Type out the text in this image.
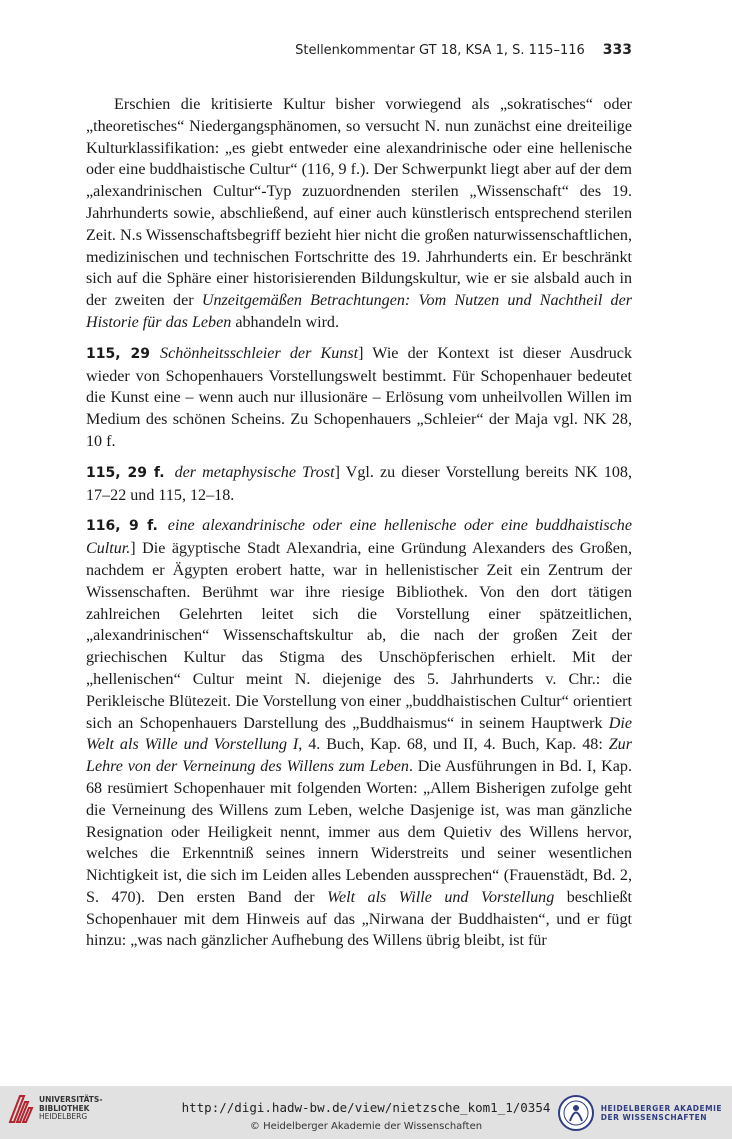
Stellenkommentar GT 18, KSA 1, S. 115–116 333

Erschien die kritisierte Kultur bisher vorwiegend als „sokratisches“ oder „theoretisches“ Niedergangsphänomen, so versucht N. nun zunächst eine dreiteilige Kulturklassifikation: „es giebt entweder eine alexandrinische oder eine hellenische oder eine buddhaistische Cultur“ (116, 9 f.). Der Schwerpunkt liegt aber auf der dem „alexandrinischen Cultur“-Typ zuzuordnenden sterilen „Wissenschaft“ des 19. Jahrhunderts sowie, abschließend, auf einer auch künstlerisch entsprechend sterilen Zeit. N.s Wissenschaftsbegriff bezieht hier nicht die großen naturwissenschaftlichen, medizinischen und technischen Fortschritte des 19. Jahrhunderts ein. Er beschränkt sich auf die Sphäre einer historisierenden Bildungskultur, wie er sie alsbald auch in der zweiten der Unzeitgemäßen Betrachtungen: Vom Nutzen und Nachtheil der Historie für das Leben abhandeln wird.

115, 29 Schönheitsschleier der Kunst] Wie der Kontext ist dieser Ausdruck wieder von Schopenhauers Vorstellungswelt bestimmt. Für Schopenhauer bedeutet die Kunst eine – wenn auch nur illusionäre – Erlösung vom unheilvollen Willen im Medium des schönen Scheins. Zu Schopenhauers „Schleier“ der Maja vgl. NK 28, 10 f.

115, 29 f. der metaphysische Trost] Vgl. zu dieser Vorstellung bereits NK 108, 17–22 und 115, 12–18.

116, 9 f. eine alexandrinische oder eine hellenische oder eine buddhaistische Cultur.] Die ägyptische Stadt Alexandria, eine Gründung Alexanders des Großen, nachdem er Ägypten erobert hatte, war in hellenistischer Zeit ein Zentrum der Wissenschaften. Berühmt war ihre riesige Bibliothek. Von den dort tätigen zahlreichen Gelehrten leitet sich die Vorstellung einer spätzeitlichen, „alexandrinischen“ Wissenschaftskultur ab, die nach der großen Zeit der griechischen Kultur das Stigma des Unschöpferischen erhielt. Mit der „hellenischen“ Cultur meint N. diejenige des 5. Jahrhunderts v. Chr.: die Perikleische Blütezeit. Die Vorstellung von einer „buddhaistischen Cultur“ orientiert sich an Schopenhauers Darstellung des „Buddhaismus“ in seinem Hauptwerk Die Welt als Wille und Vorstellung I, 4. Buch, Kap. 68, und II, 4. Buch, Kap. 48: Zur Lehre von der Verneinung des Willens zum Leben. Die Ausführungen in Bd. I, Kap. 68 resümiert Schopenhauer mit folgenden Worten: „Allem Bisherigen zufolge geht die Verneinung des Willens zum Leben, welche Dasjenige ist, was man gänzliche Resignation oder Heiligkeit nennt, immer aus dem Quietiv des Willens hervor, welches die Erkenntniß seines innern Widerstreits und seiner wesentlichen Nichtigkeit ist, die sich im Leiden alles Lebenden aussprechen“ (Frauenstädt, Bd. 2, S. 470). Den ersten Band der Welt als Wille und Vorstellung beschließt Schopenhauer mit dem Hinweis auf das „Nirwana der Buddhaisten“, und er fügt hinzu: „was nach gänzlicher Aufhebung des Willens übrig bleibt, ist für

UNIVERSITÄTS-
BIBLIOTHEK
HEIDELBERG
http://digi.hadw-bw.de/view/nietzsche_kom1_1/0354
© Heidelberger Akademie der Wissenschaften
HEIDELBERGER AKADEMIE
DER WISSENSCHAFTEN
